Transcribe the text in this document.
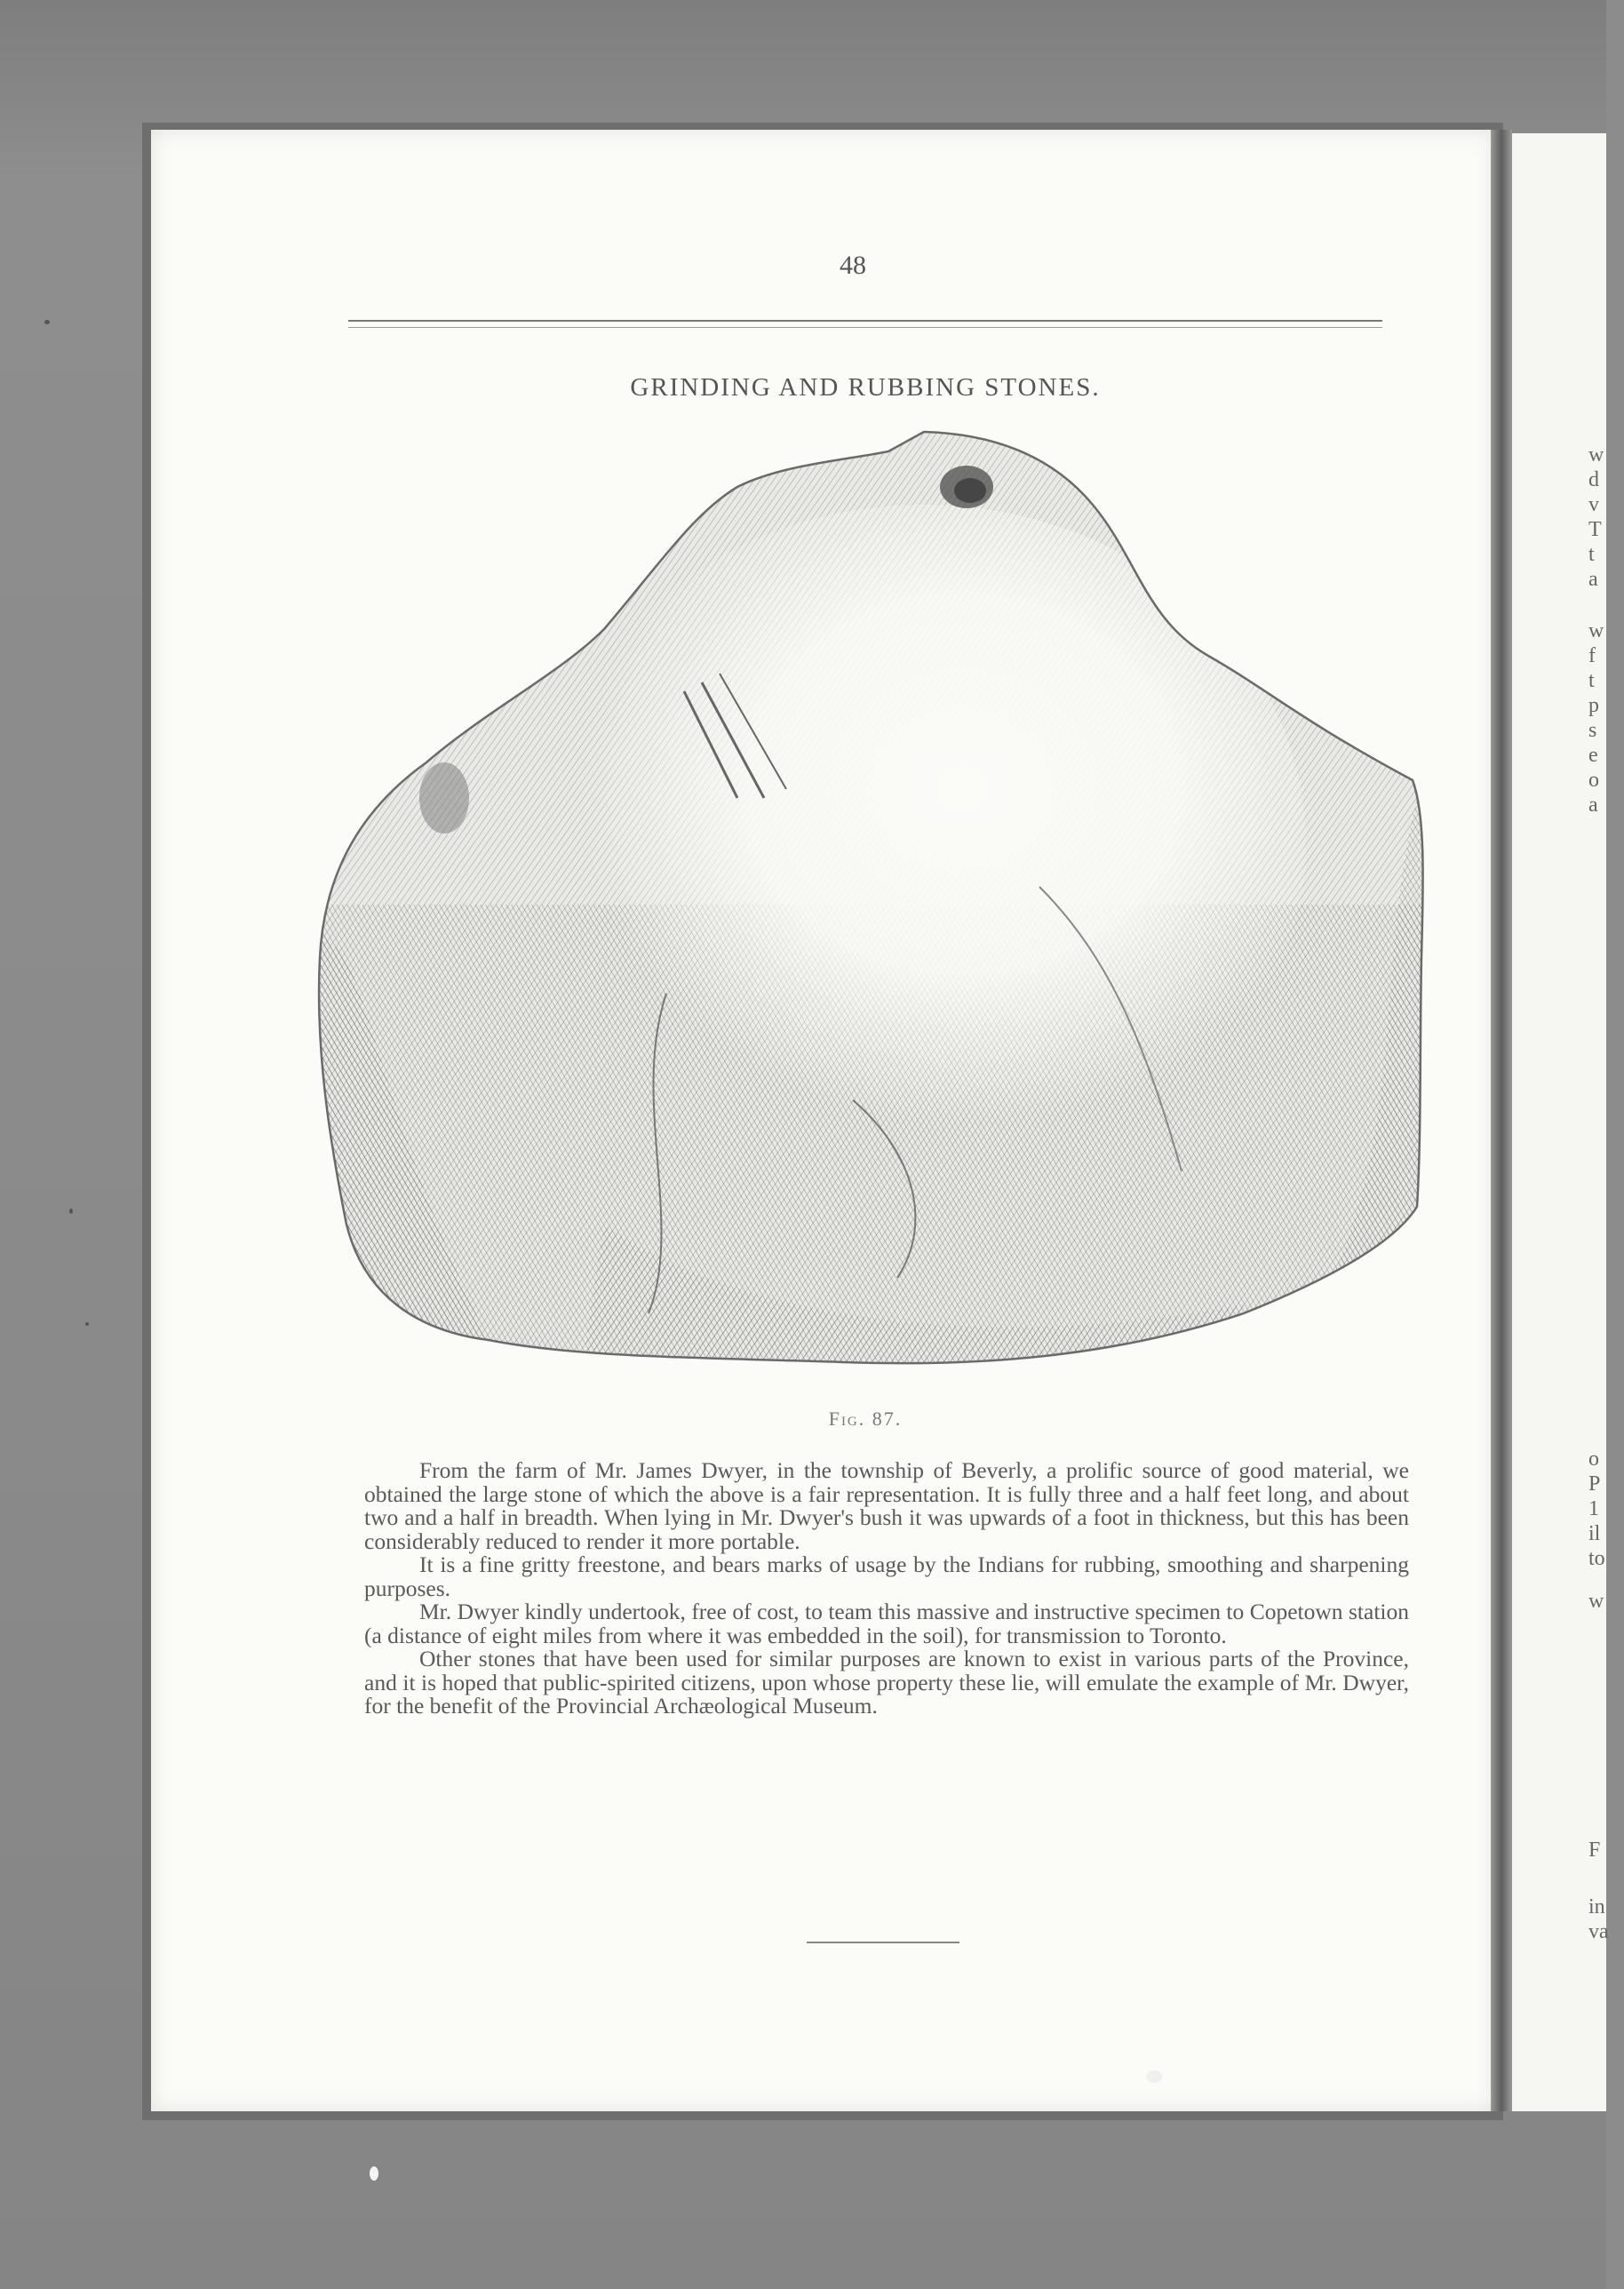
48
GRINDING AND RUBBING STONES.
Fig. 87.

From the farm of Mr. James Dwyer, in the township of Beverly, a prolific source of good material, we obtained the large stone of which the above is a fair representation. It is fully three and a half feet long, and about two and a half in breadth. When lying in Mr. Dwyer's bush it was upwards of a foot in thickness, but this has been considerably reduced to render it more portable.

It is a fine gritty freestone, and bears marks of usage by the Indians for rubbing, smoothing and sharpening purposes.

Mr. Dwyer kindly undertook, free of cost, to team this massive and instructive specimen to Copetown station (a distance of eight miles from where it was embedded in the soil), for transmission to Toronto.

Other stones that have been used for similar purposes are known to exist in various parts of the Province, and it is hoped that public-spirited citizens, upon whose property these lie, will emulate the example of Mr. Dwyer, for the benefit of the Provincial Archæological Museum.

w
d
v
T
t
a
w
f
t
p
s
e
o
a
o
P
1
il
to
w
F
in
va
